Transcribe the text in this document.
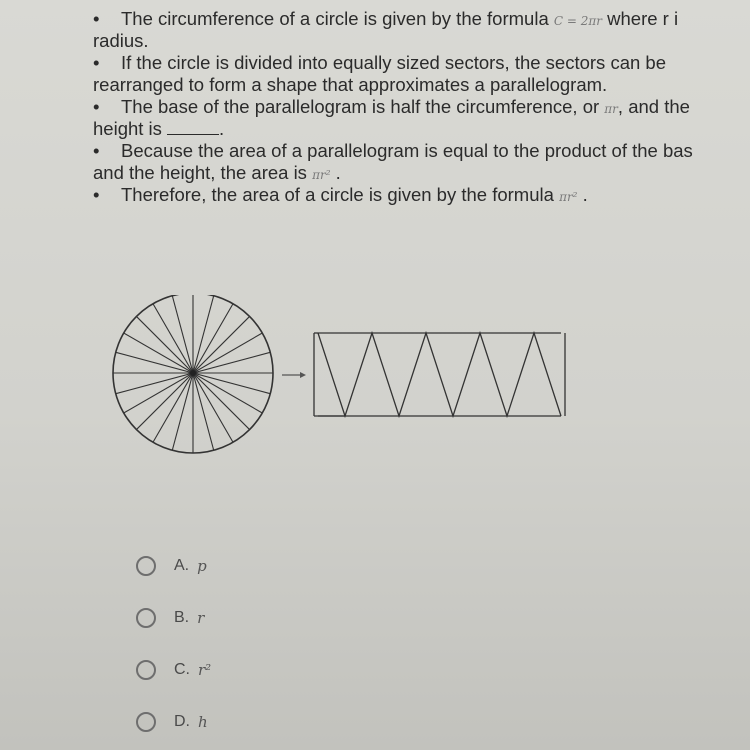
• The circumference of a circle is given by the formula C = 2πr where r i
radius.
• If the circle is divided into equally sized sectors, the sectors can be
rearranged to form a shape that approximates a parallelogram.
• The base of the parallelogram is half the circumference, or πr, and the
height is	.
• Because the area of a parallelogram is equal to the product of the bas
and the height, the area is πr² .
• Therefore, the area of a circle is given by the formula πr² .
A. p
B. r
C. r²
D. h
